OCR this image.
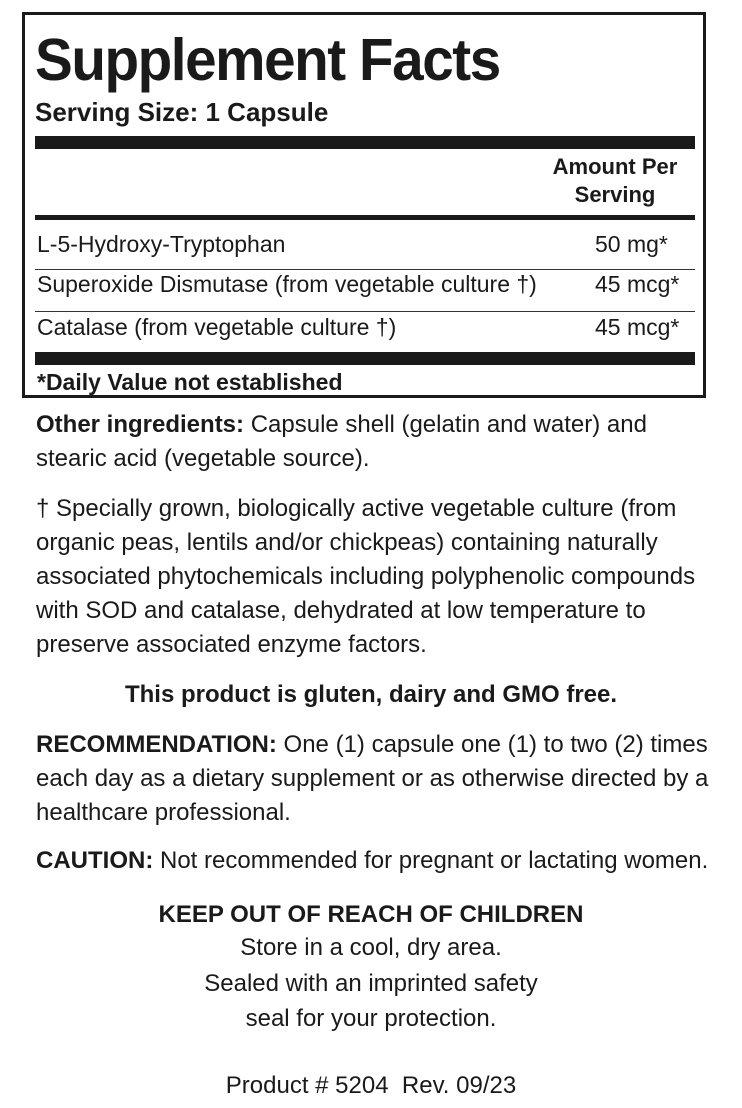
Supplement Facts
Serving Size: 1 Capsule
Amount Per
Serving
L-5-Hydroxy-Tryptophan	50 mg*
Superoxide Dismutase (from vegetable culture †)	45 mcg*
Catalase (from vegetable culture †)	45 mcg*
*Daily Value not established

Other ingredients: Capsule shell (gelatin and water) and stearic acid (vegetable source).

† Specially grown, biologically active vegetable culture (from organic peas, lentils and/or chickpeas) containing naturally associated phytochemicals including polyphenolic compounds with SOD and catalase, dehydrated at low temperature to preserve associated enzyme factors.

This product is gluten, dairy and GMO free.

RECOMMENDATION: One (1) capsule one (1) to two (2) times each day as a dietary supplement or as otherwise directed by a healthcare professional.

CAUTION: Not recommended for pregnant or lactating women.

KEEP OUT OF REACH OF CHILDREN
Store in a cool, dry area.
Sealed with an imprinted safety
seal for your protection.
Product # 5204  Rev. 09/23
